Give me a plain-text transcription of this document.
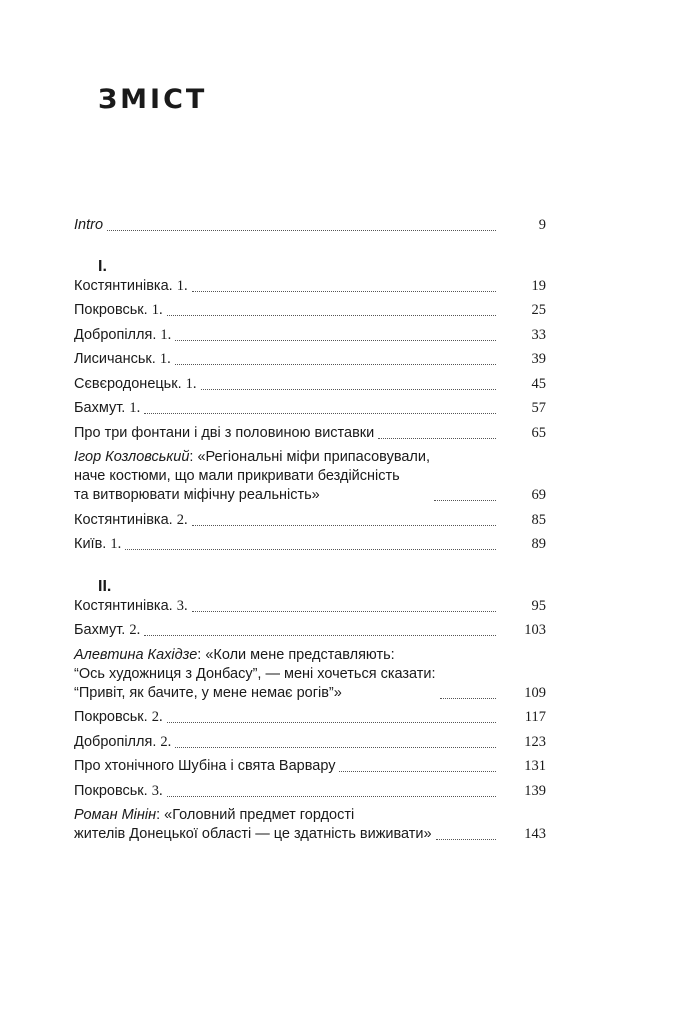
ЗМІСТ
Intro	9
I.
Костянтинівка. 1.	19
Покровськ. 1.	25
Добропілля. 1.	33
Лисичанськ. 1.	39
Сєвєродонецьк. 1.	45
Бахмут. 1.	57
Про три фонтани і дві з половиною виставки	65
Ігор Козловський: «Регіональні міфи припасовували,
наче костюми, що мали прикривати бездійсність
та витворювати міфічну реальність»	69
Костянтинівка. 2.	85
Київ. 1.	89
II.
Костянтинівка. 3.	95
Бахмут. 2.	103
Алевтина Кахідзе: «Коли мене представляють:
“Ось художниця з Донбасу”, — мені хочеться сказати:
“Привіт, як бачите, у мене немає рогів”»	109
Покровськ. 2.	117
Добропілля. 2.	123
Про хтонічного Шубіна і свята Варвару	131
Покровськ. 3.	139
Роман Мінін: «Головний предмет гордості
жителів Донецької області — це здатність виживати»	143
